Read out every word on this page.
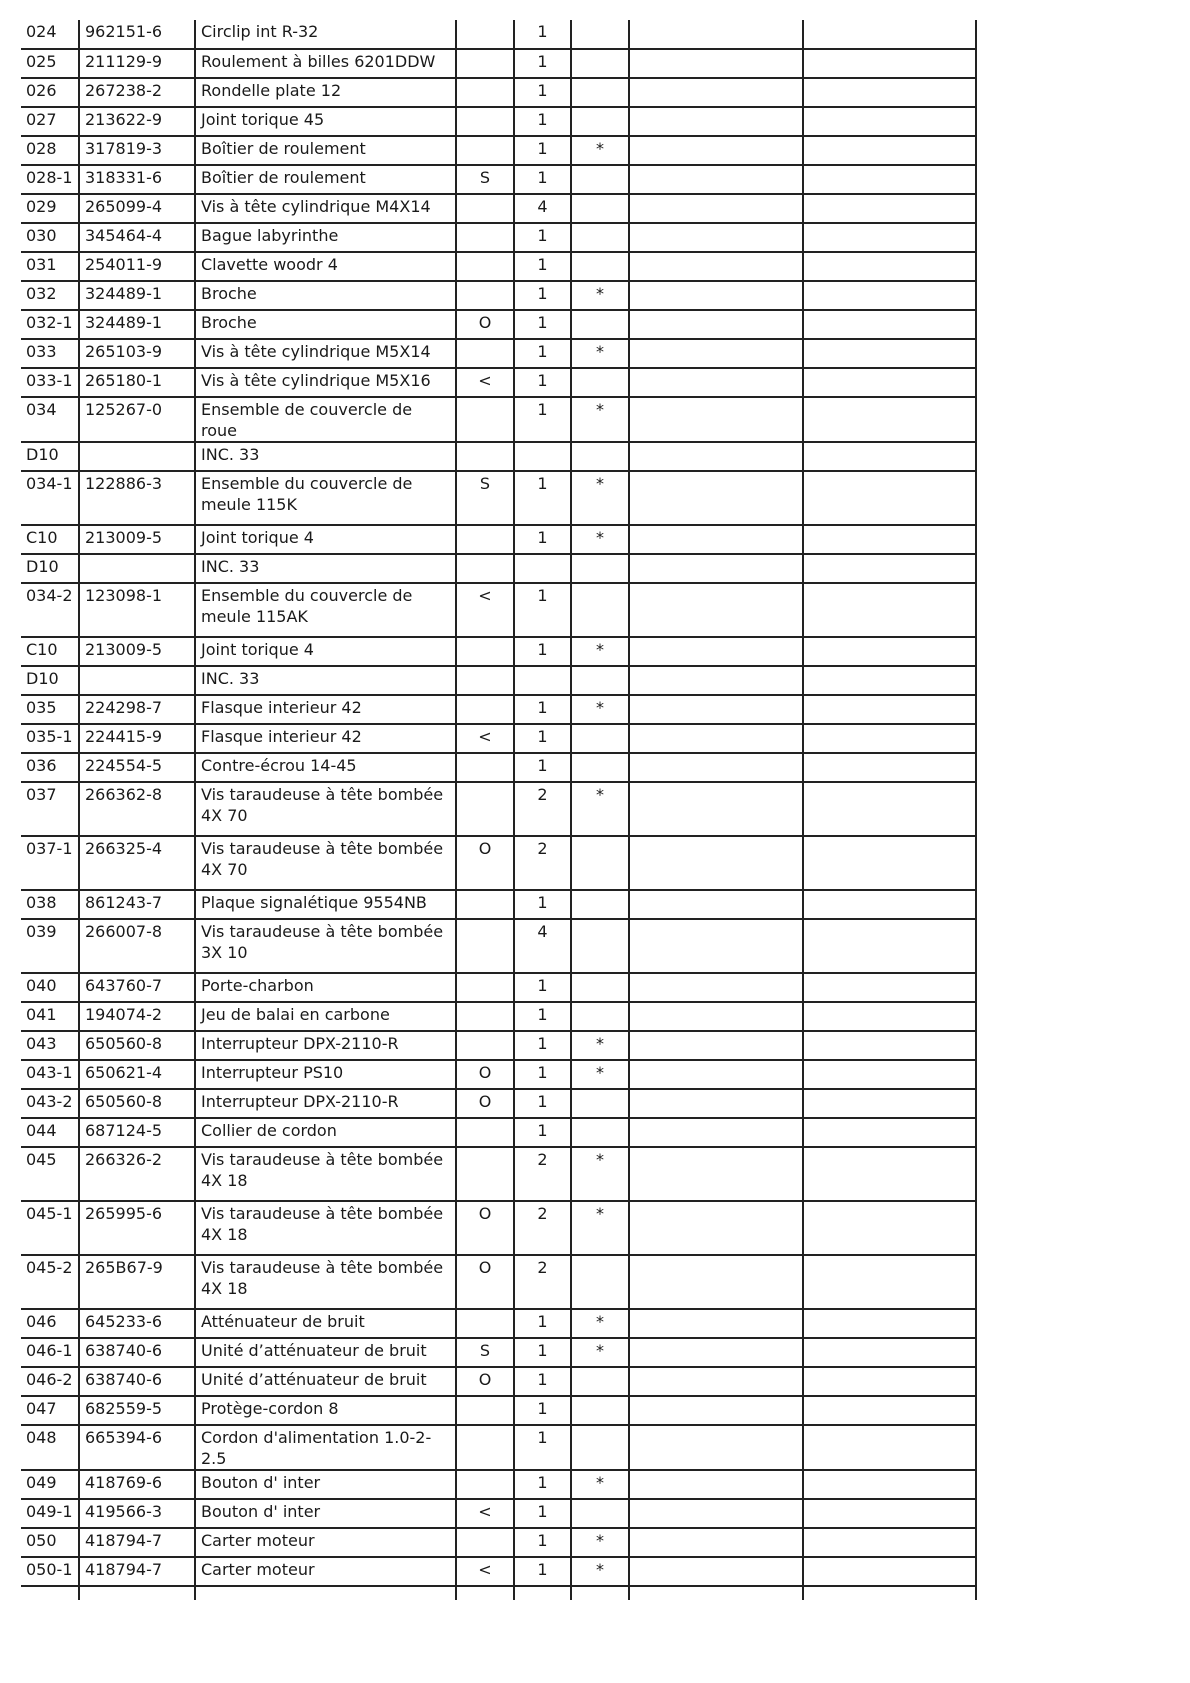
024	962151-6	Circlip int R-32		1			
025	211129-9	Roulement à billes 6201DDW		1			
026	267238-2	Rondelle plate 12		1			
027	213622-9	Joint torique 45		1			
028	317819-3	Boîtier de roulement		1	*		
028-1	318331-6	Boîtier de roulement	S	1			
029	265099-4	Vis à tête cylindrique M4X14		4			
030	345464-4	Bague labyrinthe		1			
031	254011-9	Clavette woodr 4		1			
032	324489-1	Broche		1	*		
032-1	324489-1	Broche	O	1			
033	265103-9	Vis à tête cylindrique M5X14		1	*		
033-1	265180-1	Vis à tête cylindrique M5X16	<	1			
034	125267-0	Ensemble de couvercle de roue		1	*		
D10		INC. 33					
034-1	122886-3	Ensemble du couvercle de meule 115K	S	1	*		
C10	213009-5	Joint torique 4		1	*		
D10		INC. 33					
034-2	123098-1	Ensemble du couvercle de meule 115AK	<	1			
C10	213009-5	Joint torique 4		1	*		
D10		INC. 33					
035	224298-7	Flasque interieur 42		1	*		
035-1	224415-9	Flasque interieur 42	<	1			
036	224554-5	Contre-écrou 14-45		1			
037	266362-8	Vis taraudeuse à tête bombée 4X 70		2	*		
037-1	266325-4	Vis taraudeuse à tête bombée 4X 70	O	2			
038	861243-7	Plaque signalétique 9554NB		1			
039	266007-8	Vis taraudeuse à tête bombée 3X 10		4			
040	643760-7	Porte-charbon		1			
041	194074-2	Jeu de balai en carbone		1			
043	650560-8	Interrupteur DPX-2110-R		1	*		
043-1	650621-4	Interrupteur PS10	O	1	*		
043-2	650560-8	Interrupteur DPX-2110-R	O	1			
044	687124-5	Collier de cordon		1			
045	266326-2	Vis taraudeuse à tête bombée 4X 18		2	*		
045-1	265995-6	Vis taraudeuse à tête bombée 4X 18	O	2	*		
045-2	265B67-9	Vis taraudeuse à tête bombée 4X 18	O	2			
046	645233-6	Atténuateur de bruit		1	*		
046-1	638740-6	Unité d’atténuateur de bruit	S	1	*		
046-2	638740-6	Unité d’atténuateur de bruit	O	1			
047	682559-5	Protège-cordon 8		1			
048	665394-6	Cordon d'alimentation 1.0-2-2.5		1			
049	418769-6	Bouton d' inter		1	*		
049-1	419566-3	Bouton d' inter	<	1			
050	418794-7	Carter moteur		1	*		
050-1	418794-7	Carter moteur	<	1	*		
